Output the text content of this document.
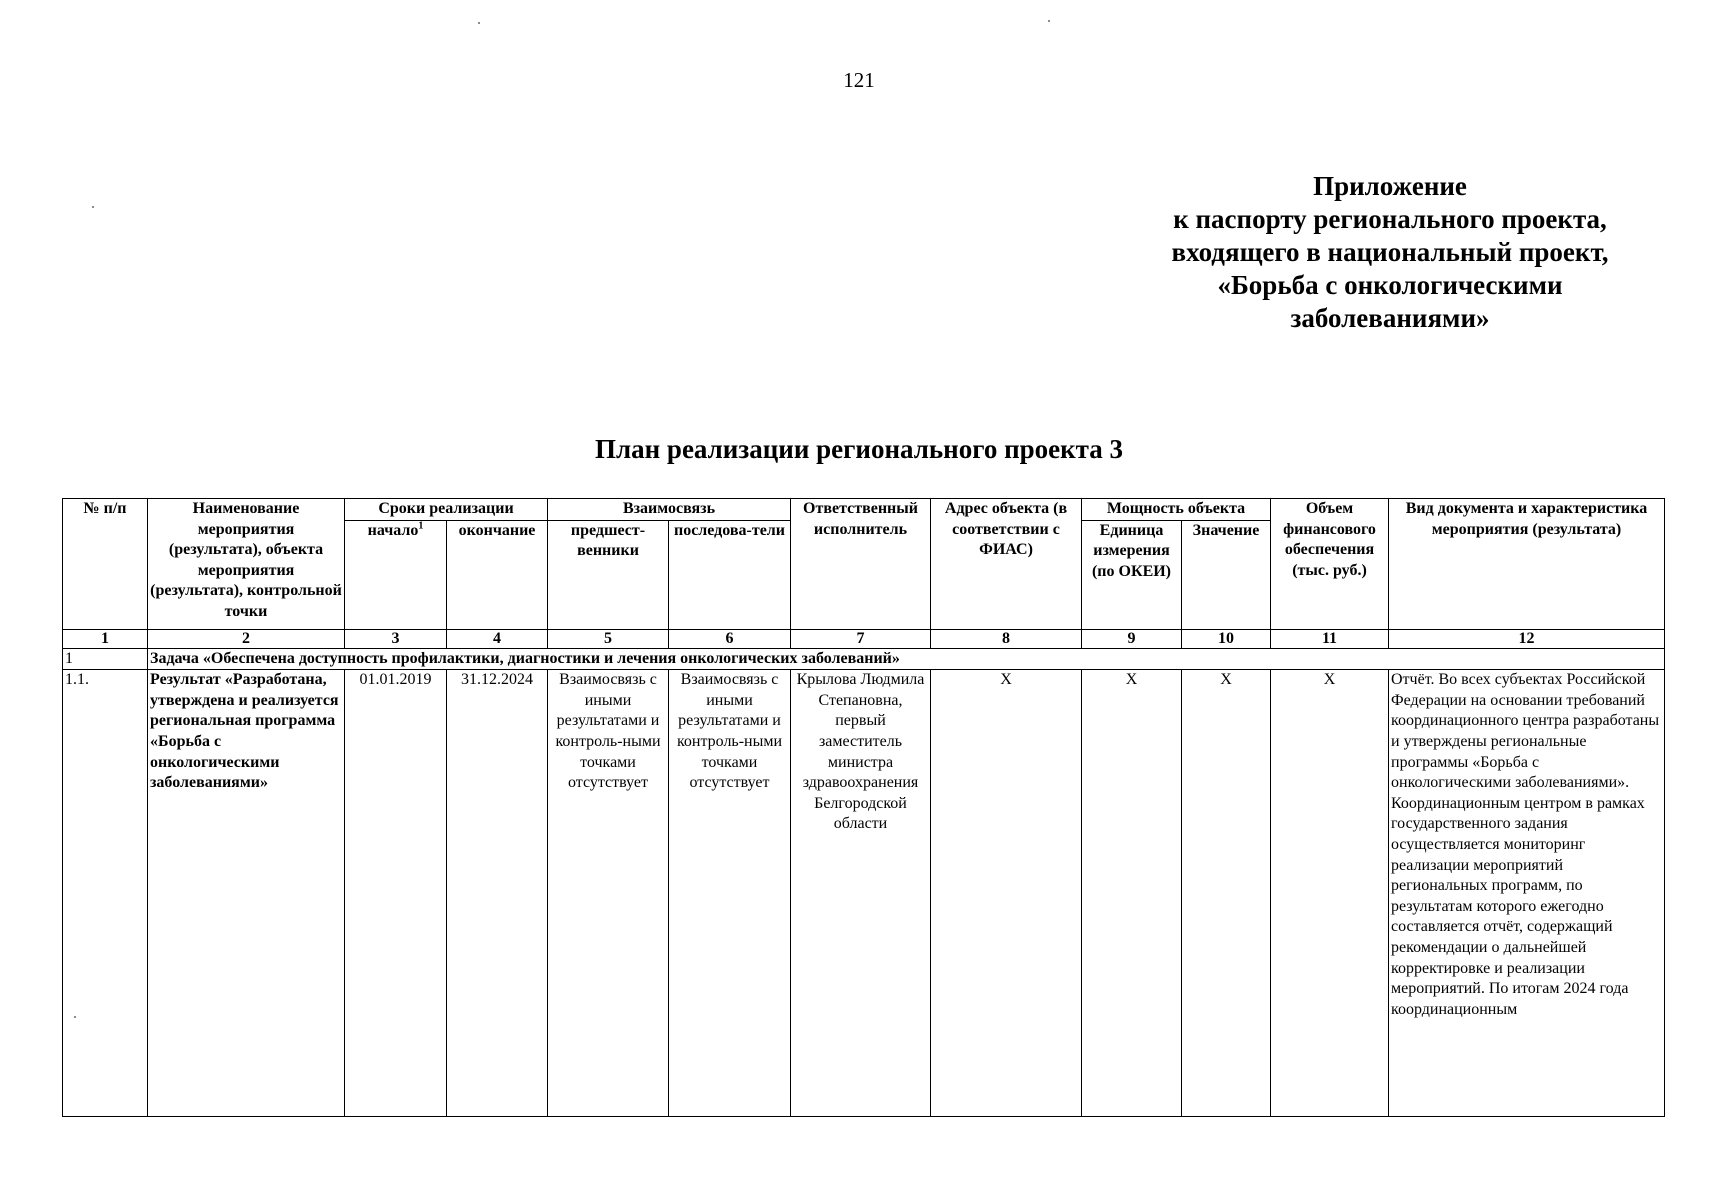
121
Приложение
к паспорту регионального проекта,
входящего в национальный проект,
«Борьба с онкологическими
заболеваниями»
План реализации регионального проекта 3
№ п/п	Наименование мероприятия (результата), объекта мероприятия (результата), контрольной точки	Сроки реализации		Взаимосвязь		Ответственный исполнитель	Адрес объекта (в соответствии с ФИАС)	Мощность объекта		Объем финансового обеспечения (тыс. руб.)	Вид документа и характеристика мероприятия (результата)
		начало$^1$	окончание	предшест-венники	последова-тели			Единица измерения (по ОКЕИ)	Значение		
1	2	3	4	5	6	7	8	9	10	11	12
1	Задача «Обеспечена доступность профилактики, диагностики и лечения онкологических заболеваний»										
1.1.	Результат «Разработана, утверждена и реализуется региональная программа «Борьба с онкологическими заболеваниями»	01.01.2019	31.12.2024	Взаимосвязь с иными результатами и контроль-ными точками отсутствует	Взаимосвязь с иными результатами и контроль-ными точками отсутствует	Крылова Людмила Степановна, первый заместитель министра здравоохранения Белгородской области	Х	Х	Х	Х	Отчёт. Во всех субъектах Российской Федерации на основании требований координационного центра разработаны и утверждены региональные программы «Борьба с онкологическими заболеваниями». Координационным центром в рамках государственного задания осуществляется мониторинг реализации мероприятий региональных программ, по результатам которого ежегодно составляется отчёт, содержащий рекомендации о дальнейшей корректировке и реализации мероприятий. По итогам 2024 года координационным
